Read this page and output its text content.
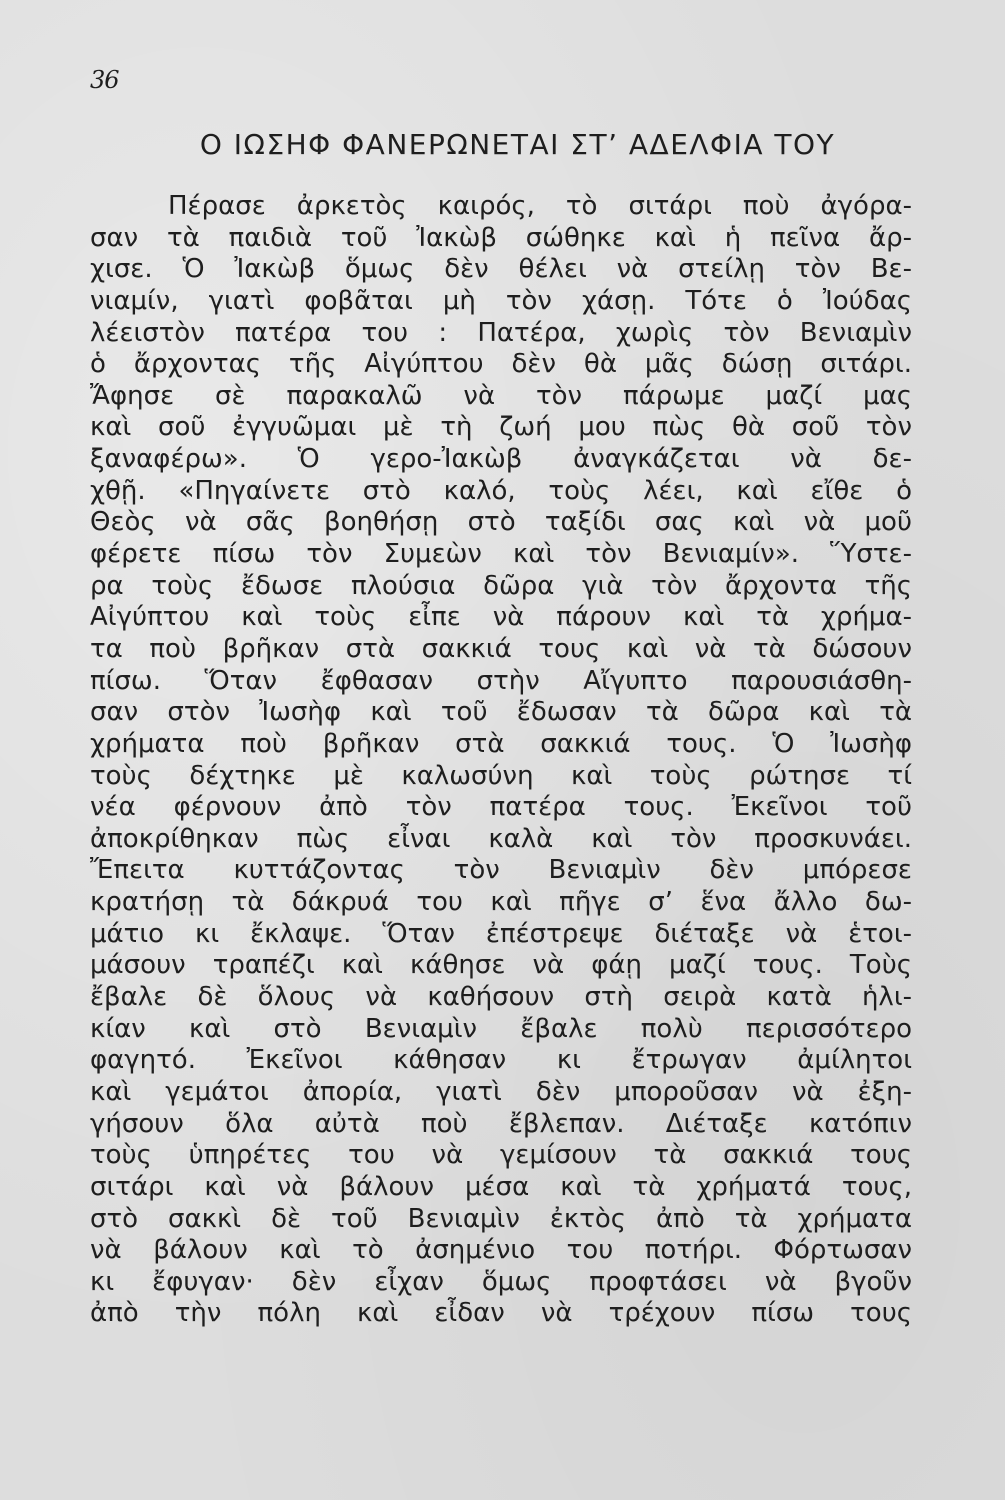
36
Ο ΙΩΣΗΦ ΦΑΝΕΡΩΝΕΤΑΙ ΣΤ’ ΑΔΕΛΦΙΑ ΤΟΥ
Πέρασε ἀρκετὸς καιρός, τὸ σιτάρι ποὺ ἀγόρα-
σαν τὰ παιδιὰ τοῦ Ἰακὼβ σώθηκε καὶ ἡ πεῖνα ἄρ-
χισε. Ὁ Ἰακὼβ ὅμως δὲν θέλει νὰ στείλῃ τὸν Βε-
νιαμίν, γιατὶ φοβᾶται μὴ τὸν χάσῃ. Τότε ὁ Ἰούδας
λέειστὸν πατέρα του : Πατέρα, χωρὶς τὸν Βενιαμὶν
ὁ ἄρχοντας τῆς Αἰγύπτου δὲν θὰ μᾶς δώσῃ σιτάρι.
Ἄφησε σὲ παρακαλῶ νὰ τὸν πάρωμε μαζί μας
καὶ σοῦ ἐγγυῶμαι μὲ τὴ ζωή μου πὼς θὰ σοῦ τὸν
ξαναφέρω». Ὁ γερο-Ἰακὼβ ἀναγκάζεται νὰ δε-
χθῇ. «Πηγαίνετε στὸ καλό, τοὺς λέει, καὶ εἴθε ὁ
Θεὸς νὰ σᾶς βοηθήσῃ στὸ ταξίδι σας καὶ νὰ μοῦ
φέρετε πίσω τὸν Συμεὼν καὶ τὸν Βενιαμίν». Ὕστε-
ρα τοὺς ἔδωσε πλούσια δῶρα γιὰ τὸν ἄρχοντα τῆς
Αἰγύπτου καὶ τοὺς εἶπε νὰ πάρουν καὶ τὰ χρήμα-
τα ποὺ βρῆκαν στὰ σακκιά τους καὶ νὰ τὰ δώσουν
πίσω. Ὅταν ἔφθασαν στὴν Αἴγυπτο παρουσιάσθη-
σαν στὸν Ἰωσὴφ καὶ τοῦ ἔδωσαν τὰ δῶρα καὶ τὰ
χρήματα ποὺ βρῆκαν στὰ σακκιά τους. Ὁ Ἰωσὴφ
τοὺς δέχτηκε μὲ καλωσύνη καὶ τοὺς ρώτησε τί
νέα φέρνουν ἀπὸ τὸν πατέρα τους. Ἐκεῖνοι τοῦ
ἀποκρίθηκαν πὼς εἶναι καλὰ καὶ τὸν προσκυνάει.
Ἔπειτα κυττάζοντας τὸν Βενιαμὶν δὲν μπόρεσε
κρατήσῃ τὰ δάκρυά του καὶ πῆγε σ’ ἕνα ἄλλο δω-
μάτιο κι ἔκλαψε. Ὅταν ἐπέστρεψε διέταξε νὰ ἑτοι-
μάσουν τραπέζι καὶ κάθησε νὰ φάῃ μαζί τους. Τοὺς
ἔβαλε δὲ ὅλους νὰ καθήσουν στὴ σειρὰ κατὰ ἡλι-
κίαν καὶ στὸ Βενιαμὶν ἔβαλε πολὺ περισσότερο
φαγητό. Ἐκεῖνοι κάθησαν κι ἔτρωγαν ἀμίλητοι
καὶ γεμάτοι ἀπορία, γιατὶ δὲν μποροῦσαν νὰ ἐξη-
γήσουν ὅλα αὐτὰ ποὺ ἔβλεπαν. Διέταξε κατόπιν
τοὺς ὑπηρέτες του νὰ γεμίσουν τὰ σακκιά τους
σιτάρι καὶ νὰ βάλουν μέσα καὶ τὰ χρήματά τους,
στὸ σακκὶ δὲ τοῦ Βενιαμὶν ἐκτὸς ἀπὸ τὰ χρήματα
νὰ βάλουν καὶ τὸ ἀσημένιο του ποτήρι. Φόρτωσαν
κι ἔφυγαν· δὲν εἶχαν ὅμως προφτάσει νὰ βγοῦν
ἀπὸ τὴν πόλη καὶ εἶδαν νὰ τρέχουν πίσω τους
